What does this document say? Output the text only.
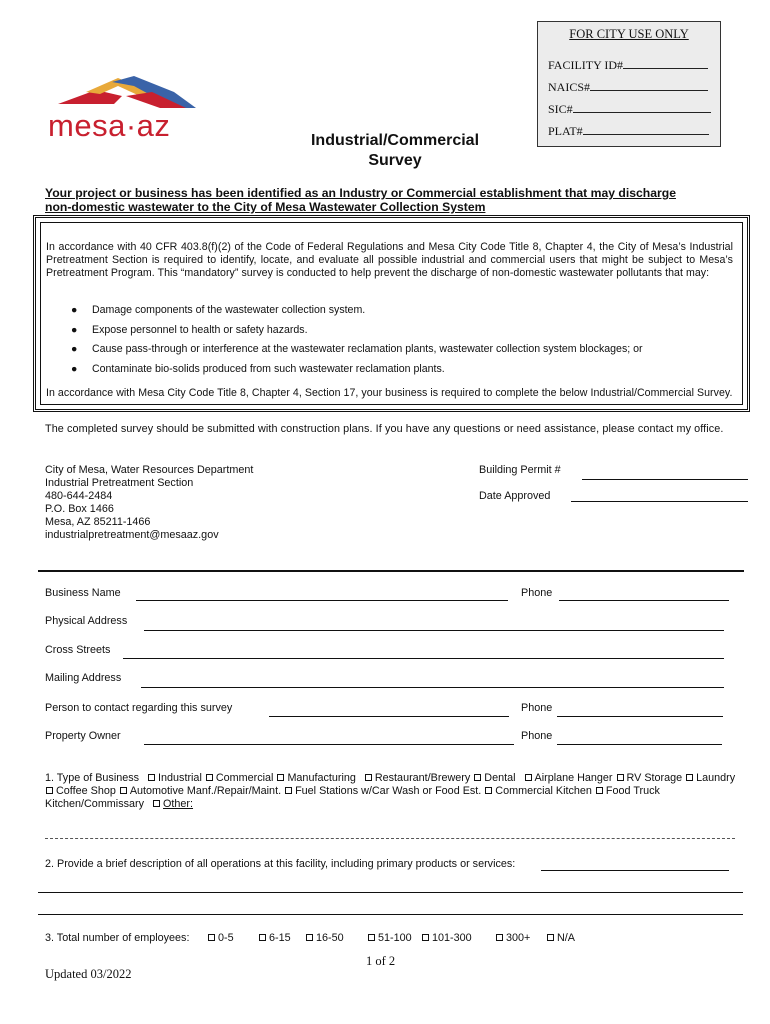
FOR CITY USE ONLY
FACILITY ID#
NAICS#
SIC#
PLAT#
mesa·az	Industrial/Commercial
Survey
Your project or business has been identified as an Industry or Commercial establishment that may discharge
non-domestic wastewater to the City of Mesa Wastewater Collection System
In accordance with 40 CFR 403.8(f)(2) of the Code of Federal Regulations and Mesa City Code Title 8, Chapter 4, the City of Mesa’s Industrial Pretreatment Section is required to identify, locate, and evaluate all possible industrial and commercial users that might be subject to Mesa’s Pretreatment Program. This “mandatory” survey is conducted to help prevent the discharge of non-domestic wastewater pollutants that may:
● Damage components of the wastewater collection system.
● Expose personnel to health or safety hazards.
● Cause pass-through or interference at the wastewater reclamation plants, wastewater collection system blockages; or
● Contaminate bio-solids produced from such wastewater reclamation plants.
In accordance with Mesa City Code Title 8, Chapter 4, Section 17, your business is required to complete the below Industrial/Commercial Survey.
The completed survey should be submitted with construction plans. If you have any questions or need assistance, please contact my office.
City of Mesa, Water Resources Department
Industrial Pretreatment Section
480-644-2484
P.O. Box 1466
Mesa, AZ 85211-1466
industrialpretreatment@mesaaz.gov
Building Permit #
Date Approved
Business Name	Phone
Physical Address
Cross Streets
Mailing Address
Person to contact regarding this survey	Phone
Property Owner	Phone
1. Type of Business Industrial Commercial Manufacturing Restaurant/Brewery Dental Airplane Hanger RV Storage Laundry Coffee Shop Automotive Manf./Repair/Maint. Fuel Stations w/Car Wash or Food Est. Commercial Kitchen Food Truck Kitchen/Commissary Other:
2. Provide a brief description of all operations at this facility, including primary products or services:
3. Total number of employees:	0-5	6-15	16-50	51-100	101-300	300+	N/A
1 of 2
Updated 03/2022
